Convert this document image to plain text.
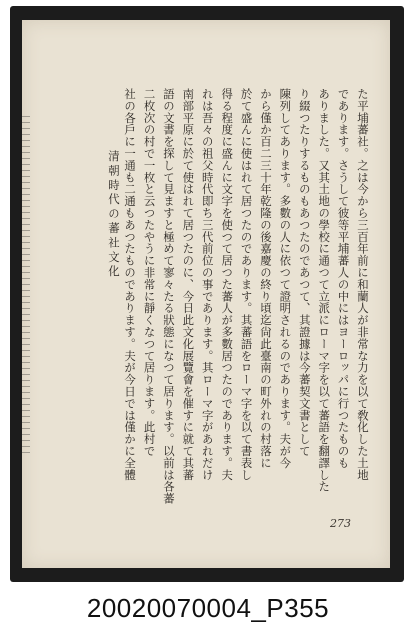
た平埔蕃社。之は今から三百年前に和蘭人が非常な力を以て敎化した土地
であります。さうして彼等平埔蕃人の中にはヨーロッパに行つたものも
ありました。又其土地の學校に通つて立派にローマ字を以て蕃語を翻譯した
り綴つたりするものもあつたのであつて、其證據は今蕃契文書として
陳列してあります。多數の人に依つて證明されるのであります。夫が今
から僅か百二三十年乾隆の後嘉慶の終り頃迄尙此臺南の町外れの村落に
於て盛んに使はれて居つたのであります。其蕃語をローマ字を以て書表し
得る程度に盛んに文字を使つて居つた蕃人が多數居つたのであります。夫
れは吾々の祖父時代即ち三代前位の事であります。其ローマ字があれだけ
南部平原に於て使はれて居つたのに、今日此文化展覽會を催すに就て其蕃
語の文書を探して見ますと極めて寥々たる狀態になつて居ります。以前は各蕃
二枚次の村で一枚と云つたやうに非常に靜くなつて居ります。此村で
社の各戶に一通も二通もあつたものであります。夫が今日では僅かに全體
清朝時代の蕃社文化
273
20020070004_P355
